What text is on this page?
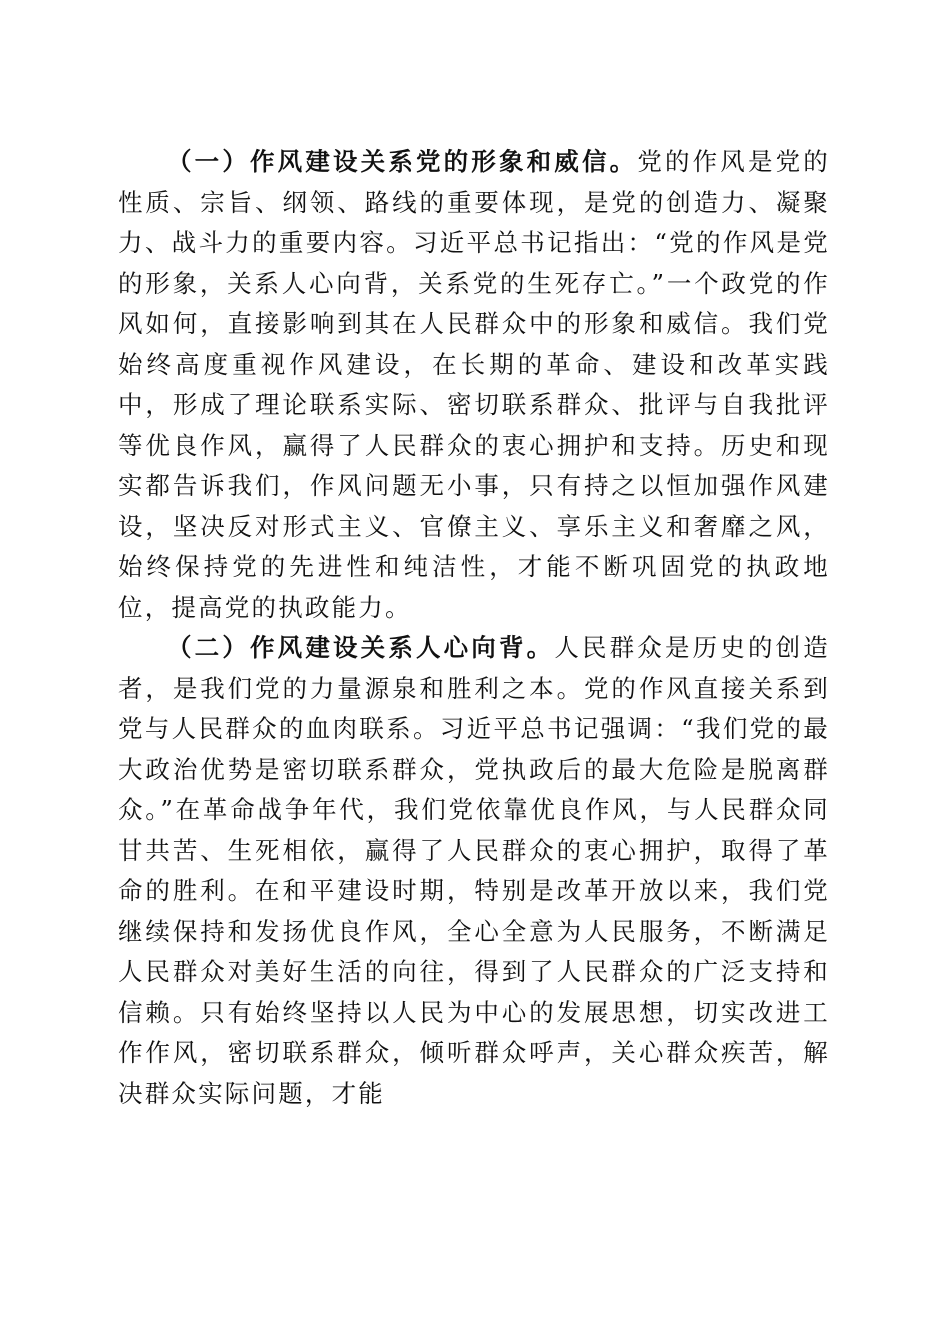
（一）作风建设关系党的形象和威信。党的作风是党的性质、宗旨、纲领、路线的重要体现，是党的创造力、凝聚力、战斗力的重要内容。习近平总书记指出：“党的作风是党的形象，关系人心向背，关系党的生死存亡。”一个政党的作风如何，直接影响到其在人民群众中的形象和威信。我们党始终高度重视作风建设，在长期的革命、建设和改革实践中，形成了理论联系实际、密切联系群众、批评与自我批评等优良作风，赢得了人民群众的衷心拥护和支持。历史和现实都告诉我们，作风问题无小事，只有持之以恒加强作风建设，坚决反对形式主义、官僚主义、享乐主义和奢靡之风，始终保持党的先进性和纯洁性，才能不断巩固党的执政地位，提高党的执政能力。

（二）作风建设关系人心向背。人民群众是历史的创造者，是我们党的力量源泉和胜利之本。党的作风直接关系到党与人民群众的血肉联系。习近平总书记强调：“我们党的最大政治优势是密切联系群众，党执政后的最大危险是脱离群众。”在革命战争年代，我们党依靠优良作风，与人民群众同甘共苦、生死相依，赢得了人民群众的衷心拥护，取得了革命的胜利。在和平建设时期，特别是改革开放以来，我们党继续保持和发扬优良作风，全心全意为人民服务，不断满足人民群众对美好生活的向往，得到了人民群众的广泛支持和信赖。只有始终坚持以人民为中心的发展思想，切实改进工作作风，密切联系群众，倾听群众呼声，关心群众疾苦，解决群众实际问题，才能
